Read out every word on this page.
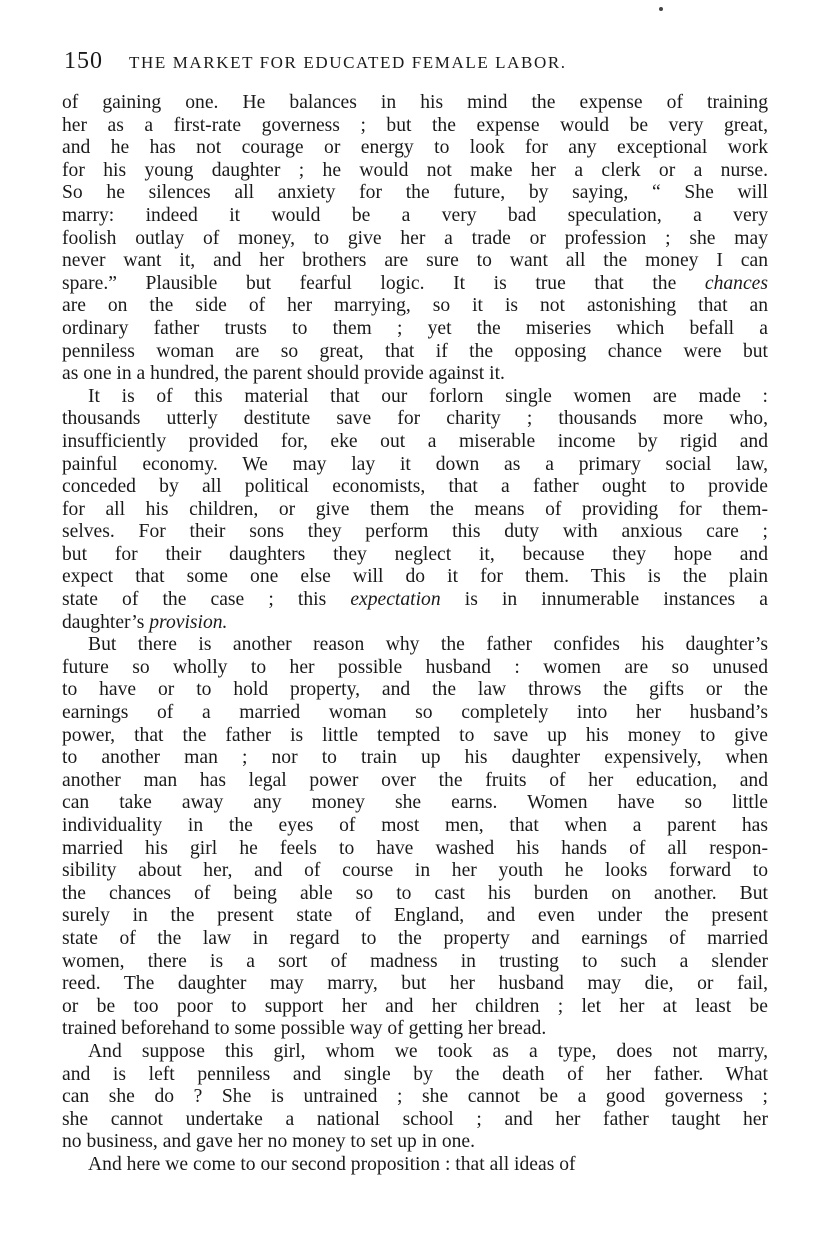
150 THE MARKET FOR EDUCATED FEMALE LABOR.
of gaining one. He balances in his mind the expense of training
her as a first-rate governess ; but the expense would be very great,
and he has not courage or energy to look for any exceptional work
for his young daughter ; he would not make her a clerk or a nurse.
So he silences all anxiety for the future, by saying, “ She will
marry: indeed it would be a very bad speculation, a very
foolish outlay of money, to give her a trade or profession ; she may
never want it, and her brothers are sure to want all the money I can
spare.” Plausible but fearful logic. It is true that the chances
are on the side of her marrying, so it is not astonishing that an
ordinary father trusts to them ; yet the miseries which befall a
penniless woman are so great, that if the opposing chance were but
as one in a hundred, the parent should provide against it.
It is of this material that our forlorn single women are made :
thousands utterly destitute save for charity ; thousands more who,
insufficiently provided for, eke out a miserable income by rigid and
painful economy. We may lay it down as a primary social law,
conceded by all political economists, that a father ought to provide
for all his children, or give them the means of providing for them-
selves. For their sons they perform this duty with anxious care ;
but for their daughters they neglect it, because they hope and
expect that some one else will do it for them. This is the plain
state of the case ; this expectation is in innumerable instances a
daughter’s provision.
But there is another reason why the father confides his daughter’s
future so wholly to her possible husband : women are so unused
to have or to hold property, and the law throws the gifts or the
earnings of a married woman so completely into her husband’s
power, that the father is little tempted to save up his money to give
to another man ; nor to train up his daughter expensively, when
another man has legal power over the fruits of her education, and
can take away any money she earns. Women have so little
individuality in the eyes of most men, that when a parent has
married his girl he feels to have washed his hands of all respon-
sibility about her, and of course in her youth he looks forward to
the chances of being able so to cast his burden on another. But
surely in the present state of England, and even under the present
state of the law in regard to the property and earnings of married
women, there is a sort of madness in trusting to such a slender
reed. The daughter may marry, but her husband may die, or fail,
or be too poor to support her and her children ; let her at least be
trained beforehand to some possible way of getting her bread.
And suppose this girl, whom we took as a type, does not marry,
and is left penniless and single by the death of her father. What
can she do ? She is untrained ; she cannot be a good governess ;
she cannot undertake a national school ; and her father taught her
no business, and gave her no money to set up in one.
And here we come to our second proposition : that all ideas of
